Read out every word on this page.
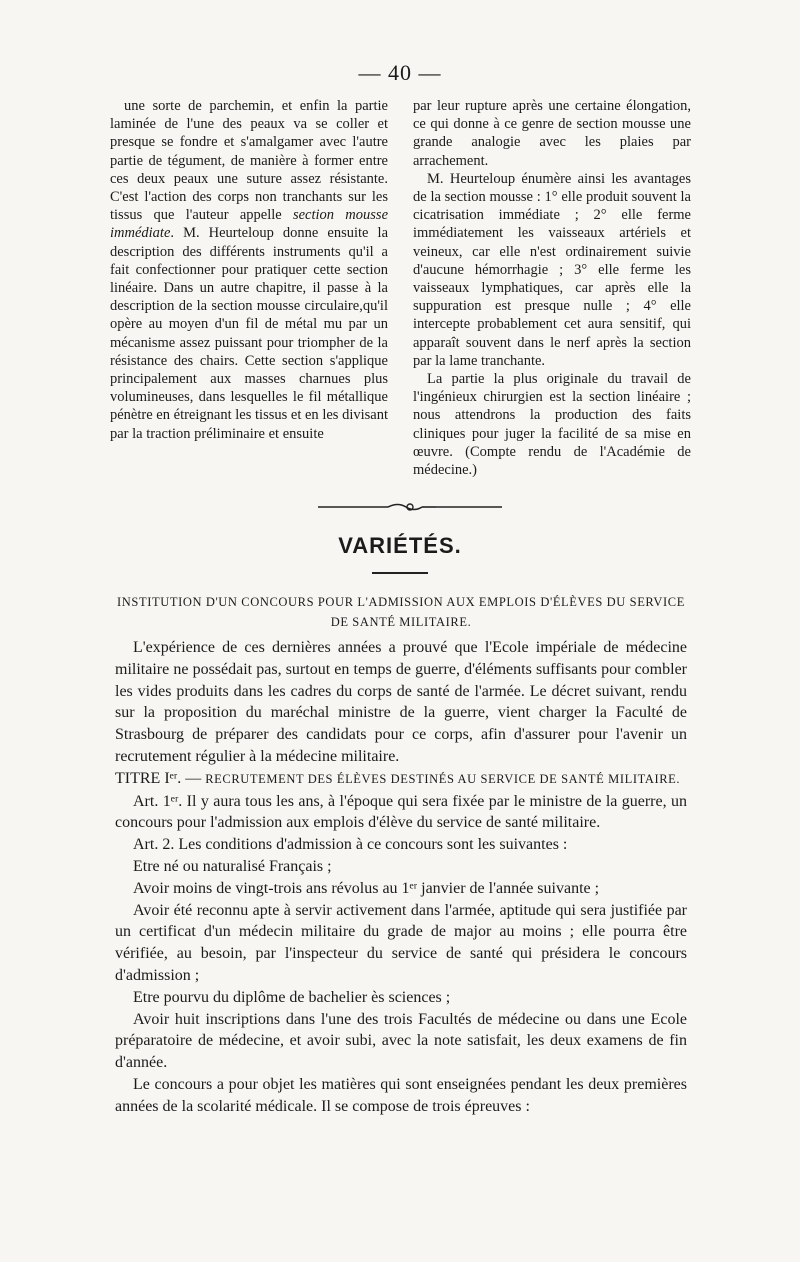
— 40 —

une sorte de parchemin, et enfin la partie laminée de l'une des peaux va se coller et presque se fondre et s'amalgamer avec l'autre partie de tégument, de manière à former entre ces deux peaux une suture assez résistante. C'est l'action des corps non tranchants sur les tissus que l'auteur appelle section mousse immédiate. M. Heurteloup donne ensuite la description des différents instruments qu'il a fait confectionner pour pratiquer cette section linéaire. Dans un autre chapitre, il passe à la description de la section mousse circulaire,qu'il opère au moyen d'un fil de métal mu par un mécanisme assez puissant pour triompher de la résistance des chairs. Cette section s'applique principalement aux masses charnues plus volumineuses, dans lesquelles le fil métallique pénètre en étreignant les tissus et en les divisant par la traction préliminaire et ensuite

par leur rupture après une certaine élongation, ce qui donne à ce genre de section mousse une grande analogie avec les plaies par arrachement.

M. Heurteloup énumère ainsi les avantages de la section mousse : 1° elle produit souvent la cicatrisation immédiate ; 2° elle ferme immédiatement les vaisseaux artériels et veineux, car elle n'est ordinairement suivie d'aucune hémorrhagie ; 3° elle ferme les vaisseaux lymphatiques, car après elle la suppuration est presque nulle ; 4° elle intercepte probablement cet aura sensitif, qui apparaît souvent dans le nerf après la section par la lame tranchante.

La partie la plus originale du travail de l'ingénieux chirurgien est la section linéaire ; nous attendrons la production des faits cliniques pour juger la facilité de sa mise en œuvre. (Compte rendu de l'Académie de médecine.)

VARIÉTÉS.
INSTITUTION D'UN CONCOURS POUR L'ADMISSION AUX EMPLOIS D'ÉLÈVES DU SERVICE DE SANTÉ MILITAIRE.

L'expérience de ces dernières années a prouvé que l'Ecole impériale de médecine militaire ne possédait pas, surtout en temps de guerre, d'éléments suffisants pour combler les vides produits dans les cadres du corps de santé de l'armée. Le décret suivant, rendu sur la proposition du maréchal ministre de la guerre, vient charger la Faculté de Strasbourg de préparer des candidats pour ce corps, afin d'assurer pour l'avenir un recrutement régulier à la médecine militaire.

TITRE Iᵉʳ. — RECRUTEMENT DES ÉLÈVES DESTINÉS AU SERVICE DE SANTÉ MILITAIRE.

Art. 1ᵉʳ. Il y aura tous les ans, à l'époque qui sera fixée par le ministre de la guerre, un concours pour l'admission aux emplois d'élève du service de santé militaire.

Art. 2. Les conditions d'admission à ce concours sont les suivantes :

Etre né ou naturalisé Français ;

Avoir moins de vingt-trois ans révolus au 1ᵉʳ janvier de l'année suivante ;

Avoir été reconnu apte à servir activement dans l'armée, aptitude qui sera justifiée par un certificat d'un médecin militaire du grade de major au moins ; elle pourra être vérifiée, au besoin, par l'inspecteur du service de santé qui présidera le concours d'admission ;

Etre pourvu du diplôme de bachelier ès sciences ;

Avoir huit inscriptions dans l'une des trois Facultés de médecine ou dans une Ecole préparatoire de médecine, et avoir subi, avec la note satisfait, les deux examens de fin d'année.

Le concours a pour objet les matières qui sont enseignées pendant les deux premières années de la scolarité médicale. Il se compose de trois épreuves :
